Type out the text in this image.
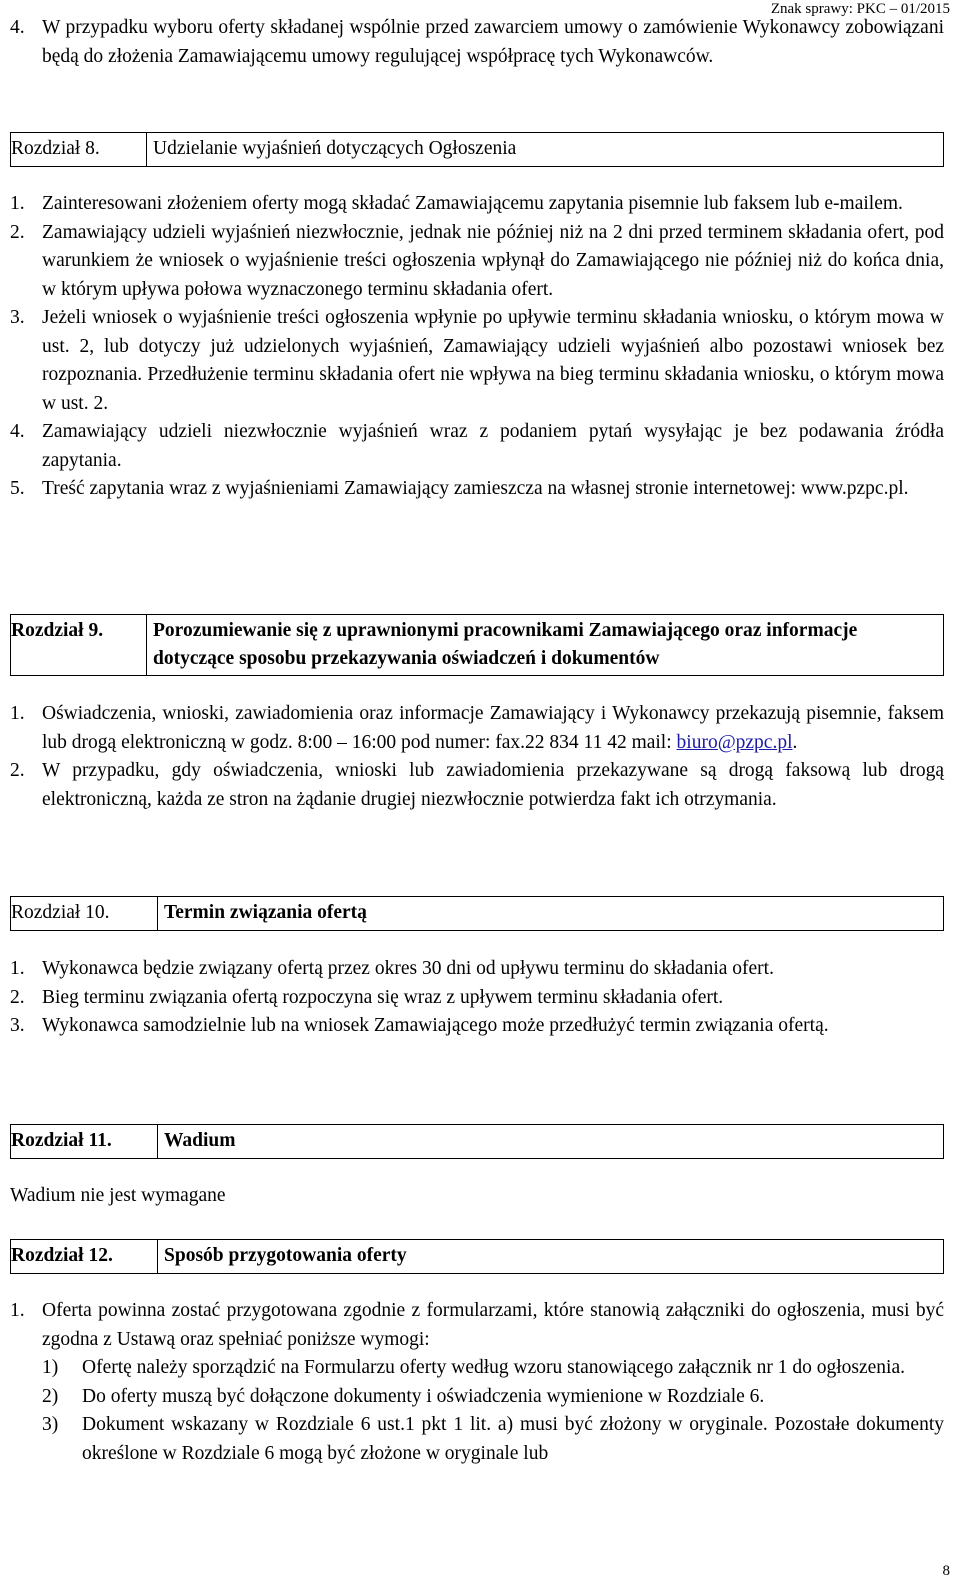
Znak sprawy: PKC – 01/2015
4. W przypadku wyboru oferty składanej wspólnie przed zawarciem umowy o zamówienie Wykonawcy zobowiązani będą do złożenia Zamawiającemu umowy regulującej współpracę tych Wykonawców.
Rozdział 8.	Udzielanie wyjaśnień dotyczących Ogłoszenia
1. Zainteresowani złożeniem oferty mogą składać Zamawiającemu zapytania pisemnie lub faksem lub e-mailem.
2. Zamawiający udzieli wyjaśnień niezwłocznie, jednak nie później niż na 2 dni przed terminem składania ofert, pod warunkiem że wniosek o wyjaśnienie treści ogłoszenia wpłynął do Zamawiającego nie później niż do końca dnia, w którym upływa połowa wyznaczonego terminu składania ofert.
3. Jeżeli wniosek o wyjaśnienie treści ogłoszenia wpłynie po upływie terminu składania wniosku, o którym mowa w ust. 2, lub dotyczy już udzielonych wyjaśnień, Zamawiający udzieli wyjaśnień albo pozostawi wniosek bez rozpoznania. Przedłużenie terminu składania ofert nie wpływa na bieg terminu składania wniosku, o którym mowa w ust. 2.
4. Zamawiający udzieli niezwłocznie wyjaśnień wraz z podaniem pytań wysyłając je bez podawania źródła zapytania.
5. Treść zapytania wraz z wyjaśnieniami Zamawiający zamieszcza na własnej stronie internetowej: www.pzpc.pl.
Rozdział 9.	Porozumiewanie się z uprawnionymi pracownikami Zamawiającego oraz informacje dotyczące sposobu przekazywania oświadczeń i dokumentów
1. Oświadczenia, wnioski, zawiadomienia oraz informacje Zamawiający i Wykonawcy przekazują pisemnie, faksem lub drogą elektroniczną w godz. 8:00 – 16:00 pod numer: fax.22 834 11 42 mail: biuro@pzpc.pl.
2. W przypadku, gdy oświadczenia, wnioski lub zawiadomienia przekazywane są drogą faksową lub drogą elektroniczną, każda ze stron na żądanie drugiej niezwłocznie potwierdza fakt ich otrzymania.
Rozdział 10.	Termin związania ofertą
1. Wykonawca będzie związany ofertą przez okres 30 dni od upływu terminu do składania ofert.
2. Bieg terminu związania ofertą rozpoczyna się wraz z upływem terminu składania ofert.
3. Wykonawca samodzielnie lub na wniosek Zamawiającego może przedłużyć termin związania ofertą.
Rozdział 11.	Wadium
Wadium nie jest wymagane
Rozdział 12.	Sposób przygotowania oferty
1. Oferta powinna zostać przygotowana zgodnie z formularzami, które stanowią załączniki do ogłoszenia, musi być zgodna z Ustawą oraz spełniać poniższe wymogi:
1)	Ofertę należy sporządzić na Formularzu oferty według wzoru stanowiącego załącznik nr 1 do ogłoszenia.
2)	Do oferty muszą być dołączone dokumenty i oświadczenia wymienione w Rozdziale 6.
3)	Dokument wskazany w Rozdziale 6 ust.1 pkt 1 lit. a) musi być złożony w oryginale. Pozostałe dokumenty określone w Rozdziale 6 mogą być złożone w oryginale lub
8
